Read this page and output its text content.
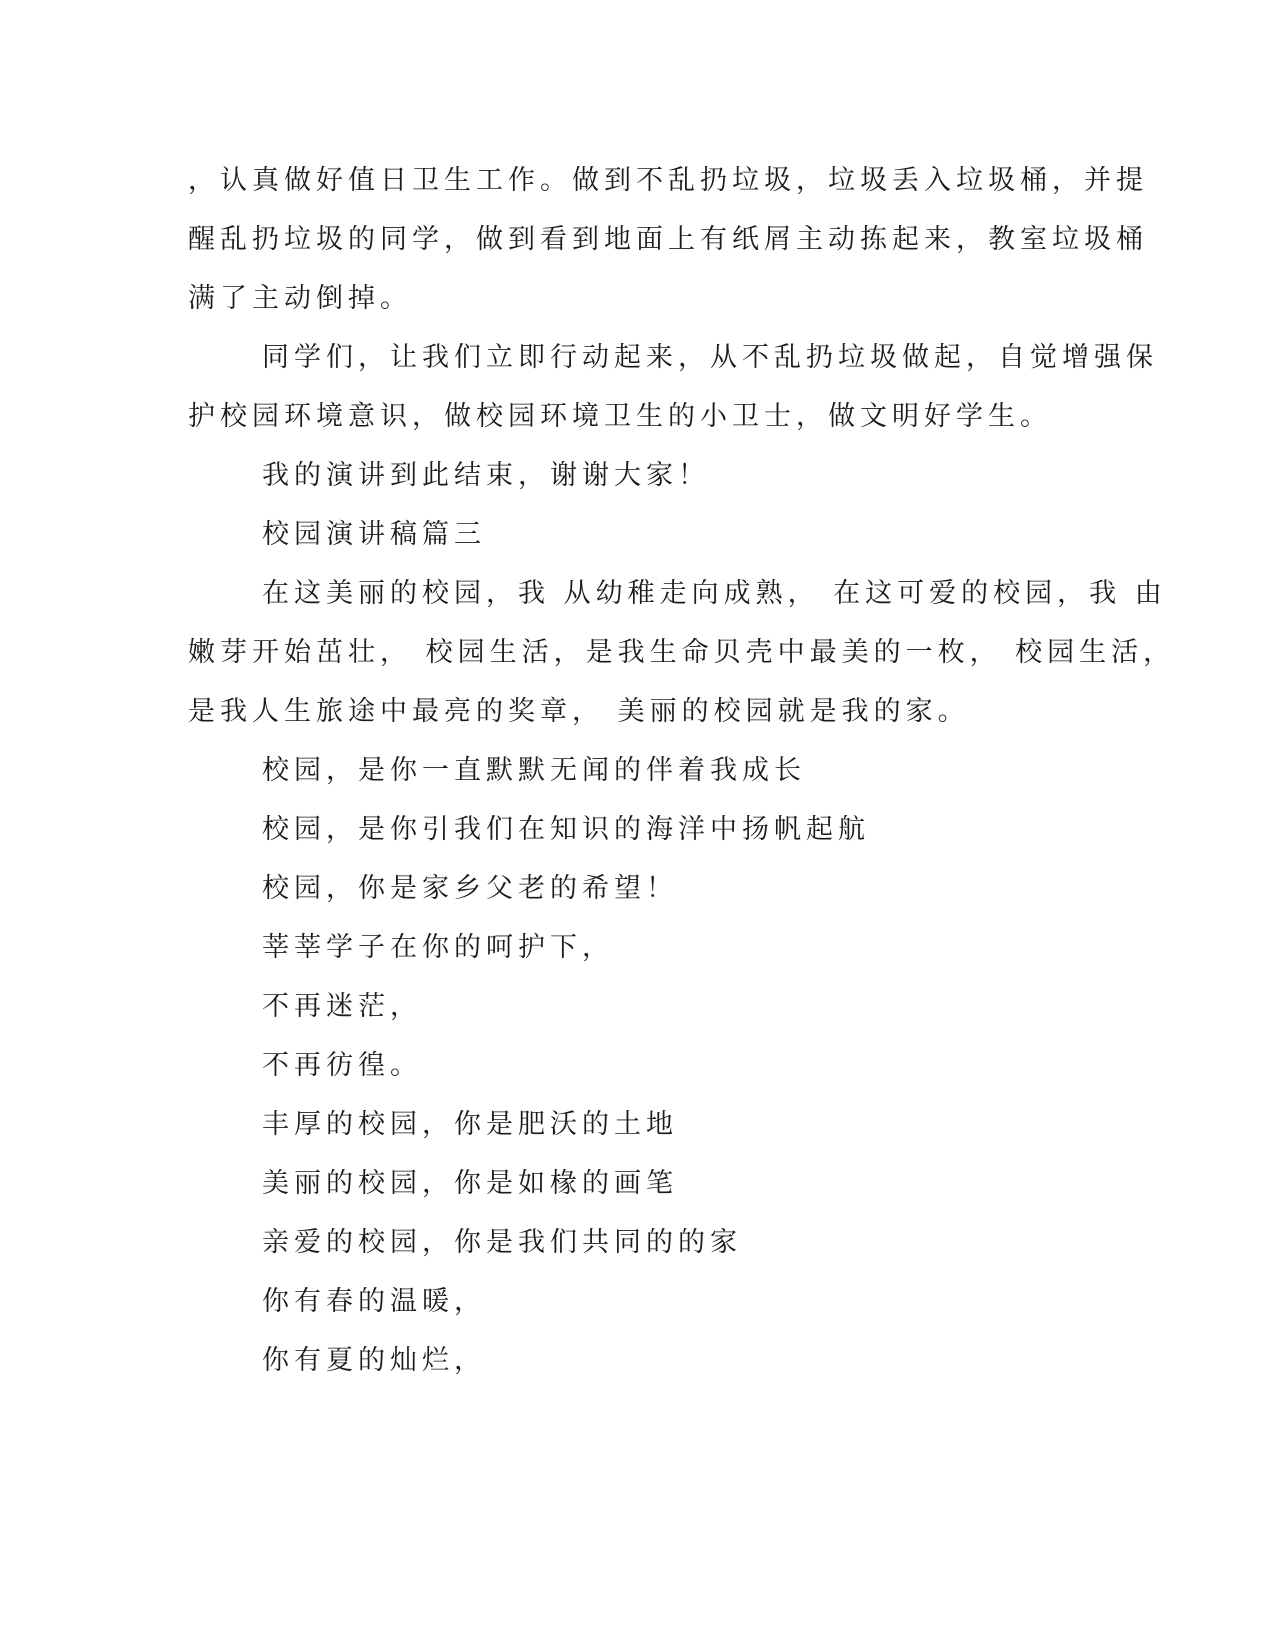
，认真做好值日卫生工作。做到不乱扔垃圾，垃圾丢入垃圾桶，并提
醒乱扔垃圾的同学，做到看到地面上有纸屑主动拣起来，教室垃圾桶
满了主动倒掉。
同学们，让我们立即行动起来，从不乱扔垃圾做起，自觉增强保
护校园环境意识，做校园环境卫生的小卫士，做文明好学生。
我的演讲到此结束，谢谢大家！
校园演讲稿篇三
在这美丽的校园，我 从幼稚走向成熟， 在这可爱的校园，我 由
嫩芽开始茁壮， 校园生活，是我生命贝壳中最美的一枚， 校园生活，
是我人生旅途中最亮的奖章， 美丽的校园就是我的家。
校园，是你一直默默无闻的伴着我成长
校园，是你引我们在知识的海洋中扬帆起航
校园，你是家乡父老的希望！
莘莘学子在你的呵护下，
不再迷茫，
不再彷徨。
丰厚的校园，你是肥沃的土地
美丽的校园，你是如椽的画笔
亲爱的校园，你是我们共同的的家
你有春的温暖，
你有夏的灿烂，
